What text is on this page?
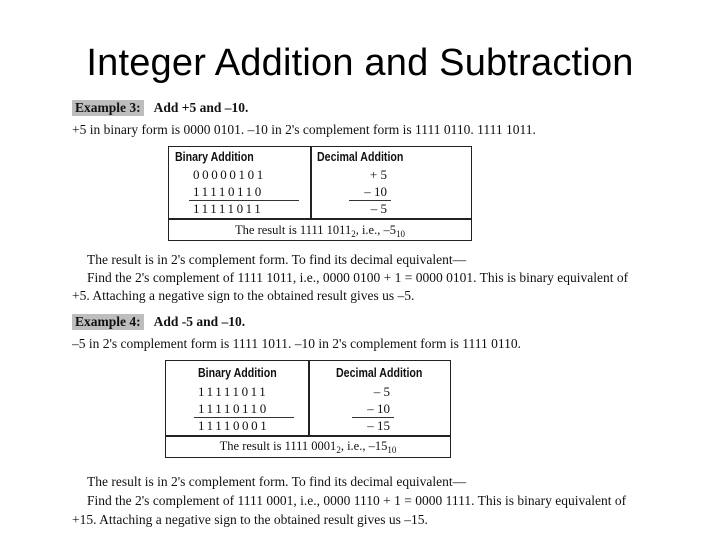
Integer Addition and Subtraction
Example 3: Add +5 and –10.
+5 in binary form is 0000 0101. –10 in 2's complement form is 1111 0110. 1111 1011.
Binary Addition	Decimal Addition
00000101
11110110
11111011
+ 5
– 10
– 5
The result is 1111 $1011_2$, i.e., $-5_{10}$
The result is in 2's complement form. To find its decimal equivalent—
Find the 2's complement of 1111 1011, i.e., 0000 0100 + 1 = 0000 0101. This is binary equivalent of
+5. Attaching a negative sign to the obtained result gives us –5.
Example 4: Add -5 and –10.
–5 in 2's complement form is 1111 1011. –10 in 2's complement form is 1111 0110.
Binary Addition	Decimal Addition
11111011
11110110
11110001
– 5
– 10
– 15
The result is 1111 $0001_2$, i.e., $-15_{10}$
The result is in 2's complement form. To find its decimal equivalent—
Find the 2's complement of 1111 0001, i.e., 0000 1110 + 1 = 0000 1111. This is binary equivalent of
+15. Attaching a negative sign to the obtained result gives us –15.
